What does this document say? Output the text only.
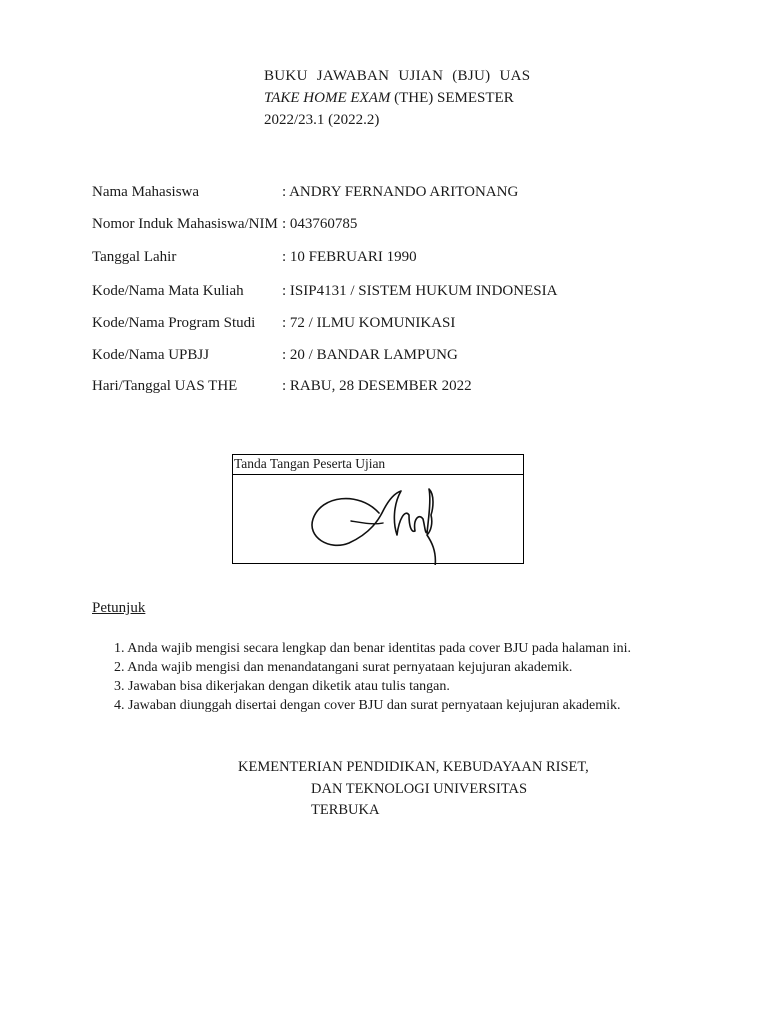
BUKU JAWABAN UJIAN (BJU) UAS
TAKE HOME EXAM (THE) SEMESTER
2022/23.1 (2022.2)
Nama Mahasiswa	: ANDRY FERNANDO ARITONANG
Nomor Induk Mahasiswa/NIM : 043760785
Tanggal Lahir	: 10 FEBRUARI 1990
Kode/Nama Mata Kuliah	: ISIP4131 / SISTEM HUKUM INDONESIA
Kode/Nama Program Studi : 72 / ILMU KOMUNIKASI
Kode/Nama UPBJJ	: 20 / BANDAR LAMPUNG
Hari/Tanggal UAS THE	: RABU, 28 DESEMBER 2022
Tanda Tangan Peserta Ujian
Petunjuk
1. Anda wajib mengisi secara lengkap dan benar identitas pada cover BJU pada halaman ini.
2. Anda wajib mengisi dan menandatangani surat pernyataan kejujuran akademik.
3. Jawaban bisa dikerjakan dengan diketik atau tulis tangan.
4. Jawaban diunggah disertai dengan cover BJU dan surat pernyataan kejujuran akademik.
KEMENTERIAN PENDIDIKAN, KEBUDAYAAN RISET,
DAN TEKNOLOGI UNIVERSITAS
TERBUKA
